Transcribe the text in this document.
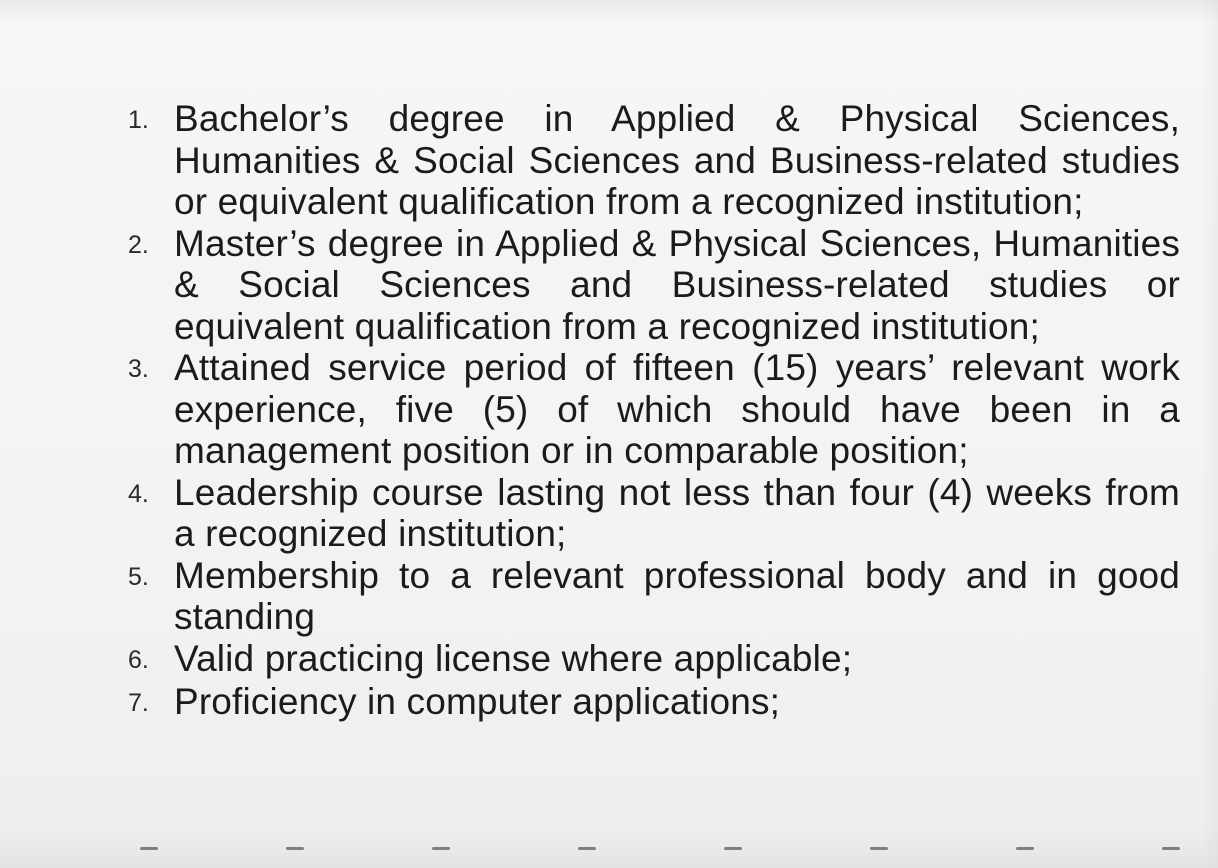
1. Bachelor’s degree in Applied & Physical Sciences, Humanities & Social Sciences and Business-related studies or equivalent qualification from a recognized institution;
2. Master’s degree in Applied & Physical Sciences, Humanities & Social Sciences and Business-related studies or equivalent qualification from a recognized institution;
3. Attained service period of fifteen (15) years’ relevant work experience, five (5) of which should have been in a management position or in comparable position;
4. Leadership course lasting not less than four (4) weeks from a recognized institution;
5. Membership to a relevant professional body and in good standing
6. Valid practicing license where applicable;
7. Proficiency in computer applications;
